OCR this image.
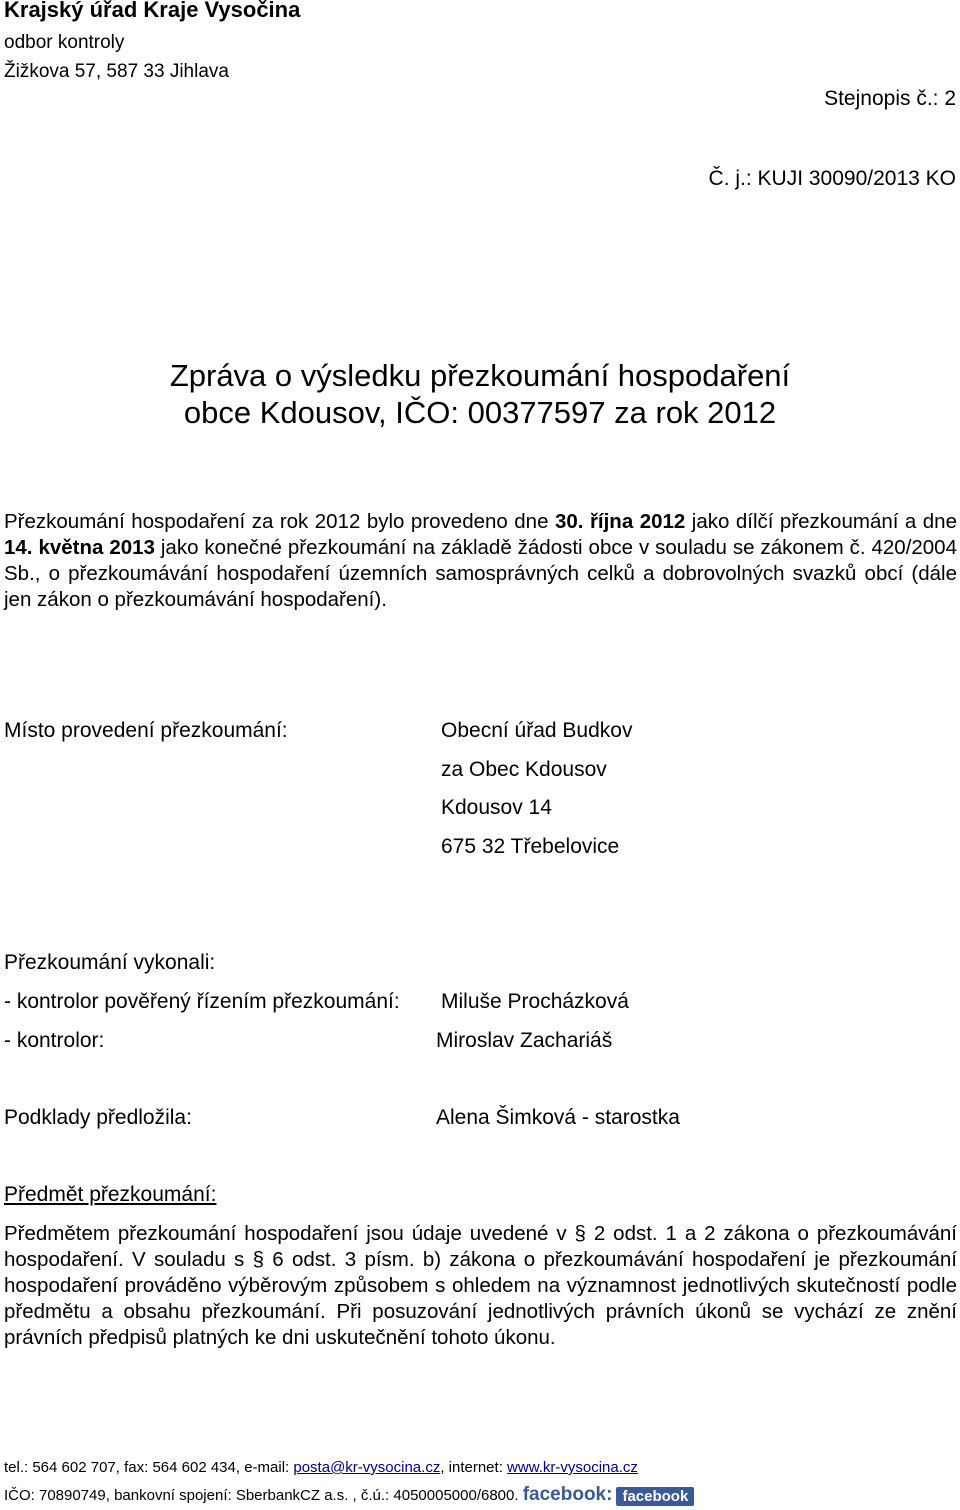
Krajský úřad Kraje Vysočina
odbor kontroly
Žižkova 57, 587 33 Jihlava
Stejnopis č.: 2
Č. j.: KUJI 30090/2013 KO
Zpráva o výsledku přezkoumání hospodaření
obce Kdousov, IČO: 00377597 za rok 2012
Přezkoumání hospodaření za rok 2012 bylo provedeno dne 30. října 2012 jako dílčí přezkoumání a dne 14. května 2013 jako konečné přezkoumání na základě žádosti obce v souladu se zákonem č. 420/2004 Sb., o přezkoumávání hospodaření územních samosprávných celků a dobrovolných svazků obcí (dále jen zákon o přezkoumávání hospodaření).
Místo provedení přezkoumání:	Obecní úřad Budkov
za Obec Kdousov
Kdousov 14
675 32 Třebelovice
Přezkoumání vykonali:
- kontrolor pověřený řízením přezkoumání: Miluše Procházková
- kontrolor:	Miroslav Zachariáš
Podklady předložila:	Alena Šimková - starostka
Předmět přezkoumání:
Předmětem přezkoumání hospodaření jsou údaje uvedené v § 2 odst. 1 a 2 zákona o přezkoumávání hospodaření. V souladu s § 6 odst. 3 písm. b) zákona o přezkoumávání hospodaření je přezkoumání hospodaření prováděno výběrovým způsobem s ohledem na významnost jednotlivých skutečností podle předmětu a obsahu přezkoumání. Při posuzování jednotlivých právních úkonů se vychází ze znění právních předpisů platných ke dni uskutečnění tohoto úkonu.
tel.: 564 602 707, fax: 564 602 434, e-mail: posta@kr-vysocina.cz, internet: www.kr-vysocina.cz
IČO: 70890749, bankovní spojení: SberbankCZ a.s. , č.ú.: 4050005000/6800. facebook: facebook
